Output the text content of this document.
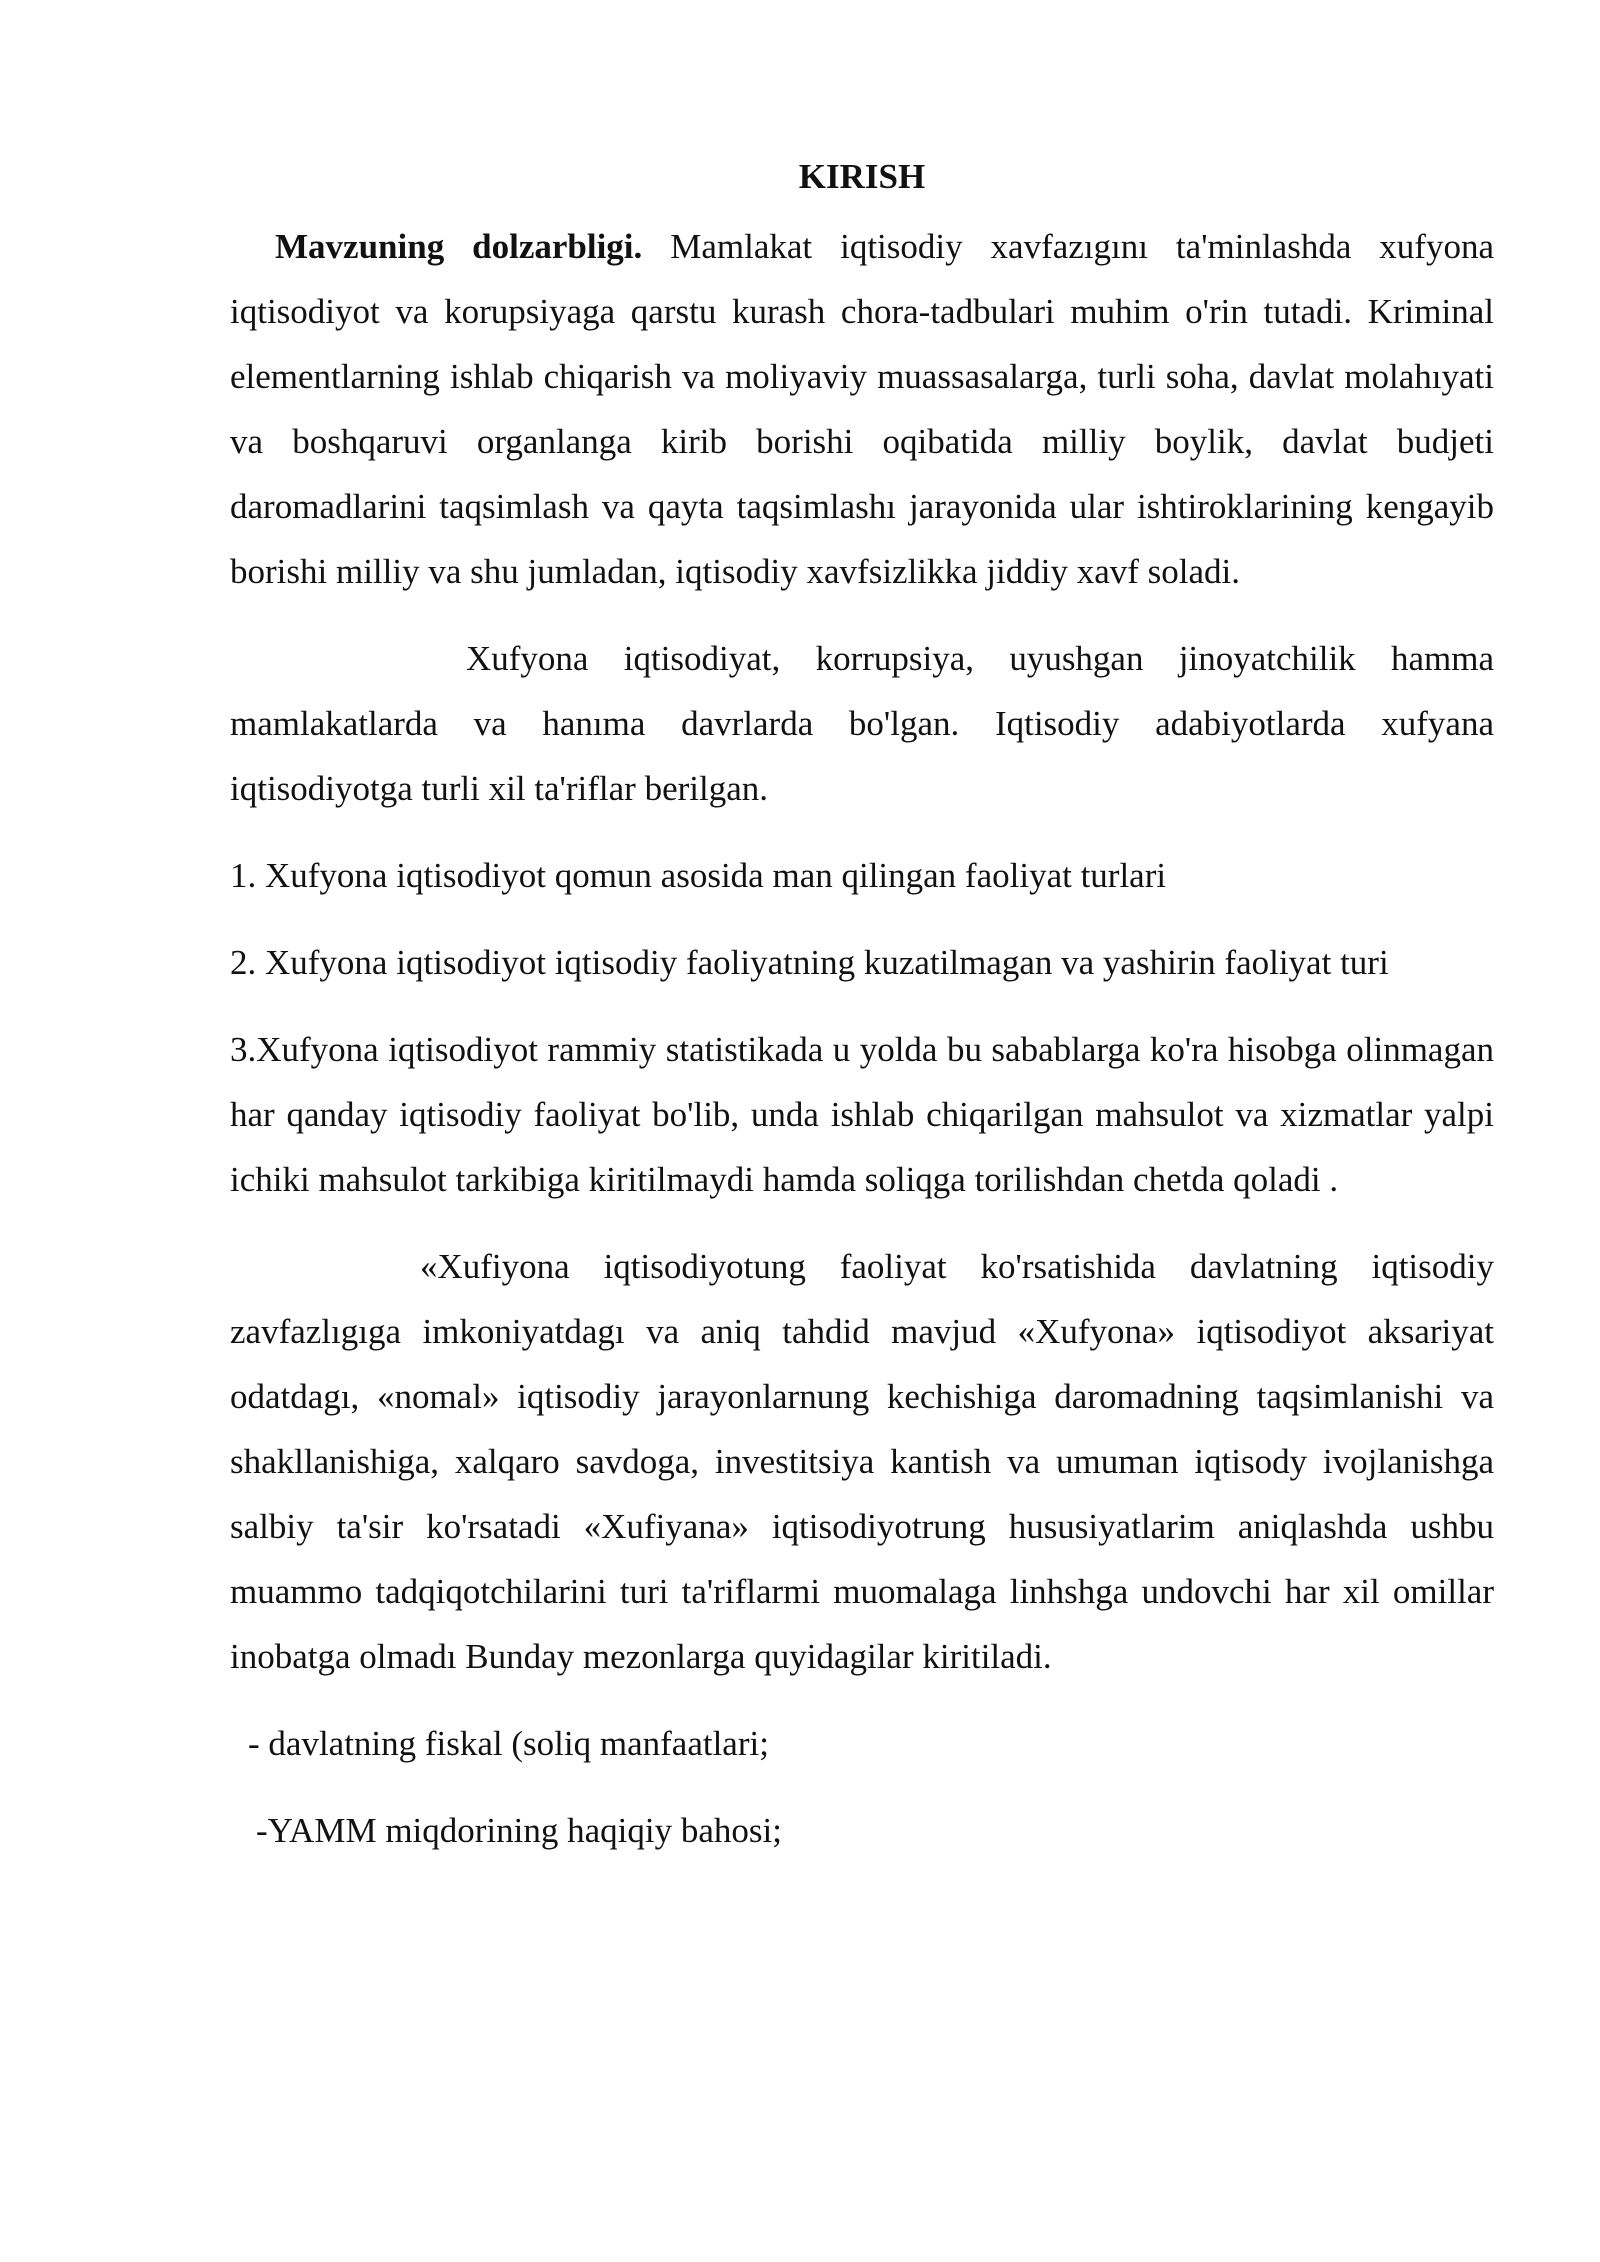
KIRISH

Mavzuning dolzarbligi. Mamlakat iqtisodiy xavfazıgını ta'minlashda xufyona iqtisodiyot va korupsiyaga qarstu kurash chora-tadbulari muhim o'rin tutadi. Kriminal elementlarning ishlab chiqarish va moliyaviy muassasalarga, turli soha, davlat molahıyati va boshqaruvi organlanga kirib borishi oqibatida milliy boylik, davlat budjeti daromadlarini taqsimlash va qayta taqsimlashı jarayonida ular ishtiroklarining kengayib borishi milliy va shu jumladan, iqtisodiy xavfsizlikka jiddiy xavf soladi.

Xufyona iqtisodiyat, korrupsiya, uyushgan jinoyatchilik hamma mamlakatlarda va hanıma davrlarda bo'lgan. Iqtisodiy adabiyotlarda xufyana iqtisodiyotga turli xil ta'riflar berilgan.

1. Xufyona iqtisodiyot qomun asosida man qilingan faoliyat turlari

2. Xufyona iqtisodiyot iqtisodiy faoliyatning kuzatilmagan va yashirin faoliyat turi

3.Xufyona iqtisodiyot rammiy statistikada u yolda bu sabablarga ko'ra hisobga olinmagan har qanday iqtisodiy faoliyat bo'lib, unda ishlab chiqarilgan mahsulot va xizmatlar yalpi ichiki mahsulot tarkibiga kiritilmaydi hamda soliqga torilishdan chetda qoladi .

«Xufiyona iqtisodiyotung faoliyat ko'rsatishida davlatning iqtisodiy zavfazlıgıga imkoniyatdagı va aniq tahdid mavjud «Xufyona» iqtisodiyot aksariyat odatdagı, «nomal» iqtisodiy jarayonlarnung kechishiga daromadning taqsimlanishi va shakllanishiga, xalqaro savdoga, investitsiya kantish va umuman iqtisody ivojlanishga salbiy ta'sir ko'rsatadi «Xufiyana» iqtisodiyotrung hususiyatlarim aniqlashda ushbu muammo tadqiqotchilarini turi ta'riflarmi muomalaga linhshga undovchi har xil omillar inobatga olmadı Bunday mezonlarga quyidagilar kiritiladi.

- davlatning fiskal (soliq manfaatlari;

-YAMM miqdorining haqiqiy bahosi;
